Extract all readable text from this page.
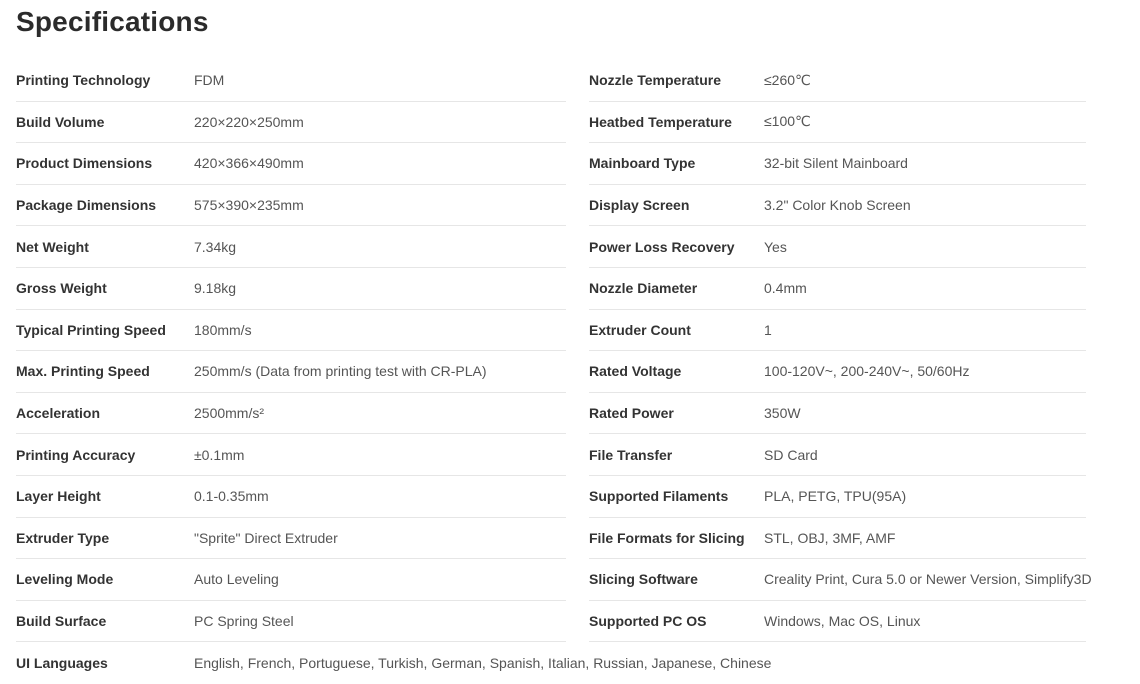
Specifications
Printing Technology	FDM
Build Volume	220×220×250mm
Product Dimensions	420×366×490mm
Package Dimensions	575×390×235mm
Net Weight	7.34kg
Gross Weight	9.18kg
Typical Printing Speed	180mm/s
Max. Printing Speed	250mm/s (Data from printing test with CR-PLA)
Acceleration	2500mm/s²
Printing Accuracy	±0.1mm
Layer Height	0.1-0.35mm
Extruder Type	"Sprite" Direct Extruder
Leveling Mode	Auto Leveling
Build Surface	PC Spring Steel
Nozzle Temperature	≤260℃
Heatbed Temperature	≤100℃
Mainboard Type	32-bit Silent Mainboard
Display Screen	3.2" Color Knob Screen
Power Loss Recovery	Yes
Nozzle Diameter	0.4mm
Extruder Count	1
Rated Voltage	100-120V~, 200-240V~, 50/60Hz
Rated Power	350W
File Transfer	SD Card
Supported Filaments	PLA, PETG, TPU(95A)
File Formats for Slicing	STL, OBJ, 3MF, AMF
Slicing Software	Creality Print, Cura 5.0 or Newer Version, Simplify3D
Supported PC OS	Windows, Mac OS, Linux
UI Languages	English, French, Portuguese, Turkish, German, Spanish, Italian, Russian, Japanese, Chinese
